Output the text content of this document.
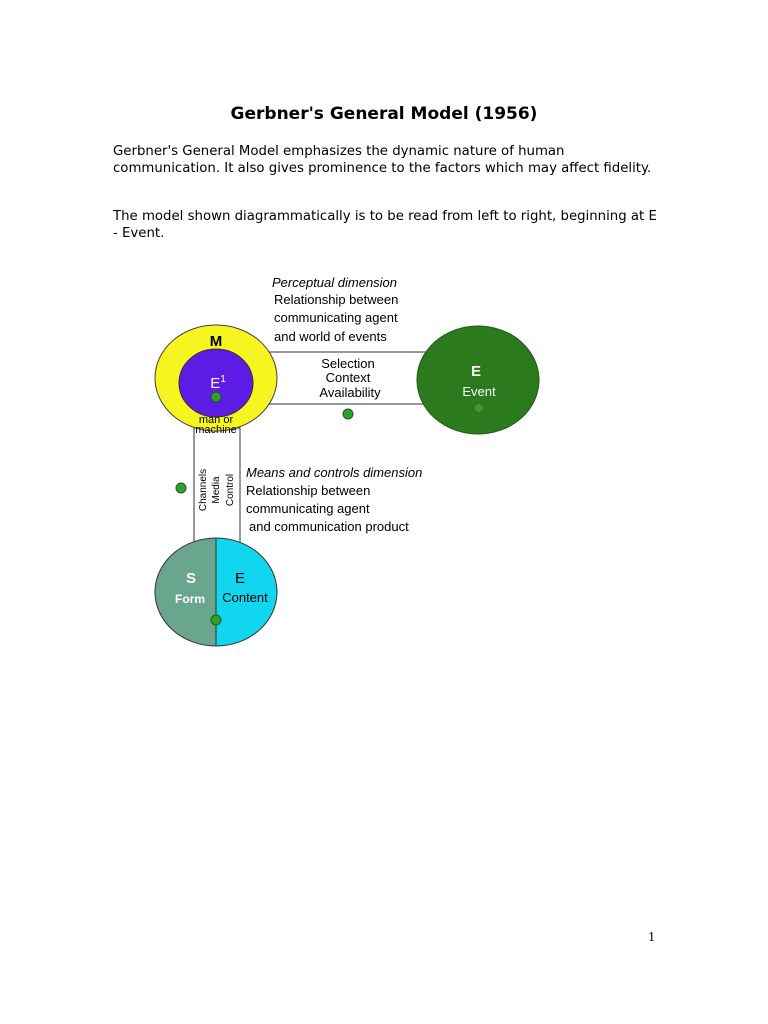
Gerbner's General Model (1956)

Gerbner's General Model emphasizes the dynamic nature of human communication. It also gives prominence to the factors which may affect fidelity.

The model shown diagrammatically is to be read from left to right, beginning at E - Event.

Perceptual dimension
Relationship between
communicating agent
and world of events
Selection
Context
Availability
Channels Media Control
M
$E^1$
man or
machine
E
Event
Means and controls dimension
Relationship between
communicating agent
and communication product
S
Form
E
Content
1
